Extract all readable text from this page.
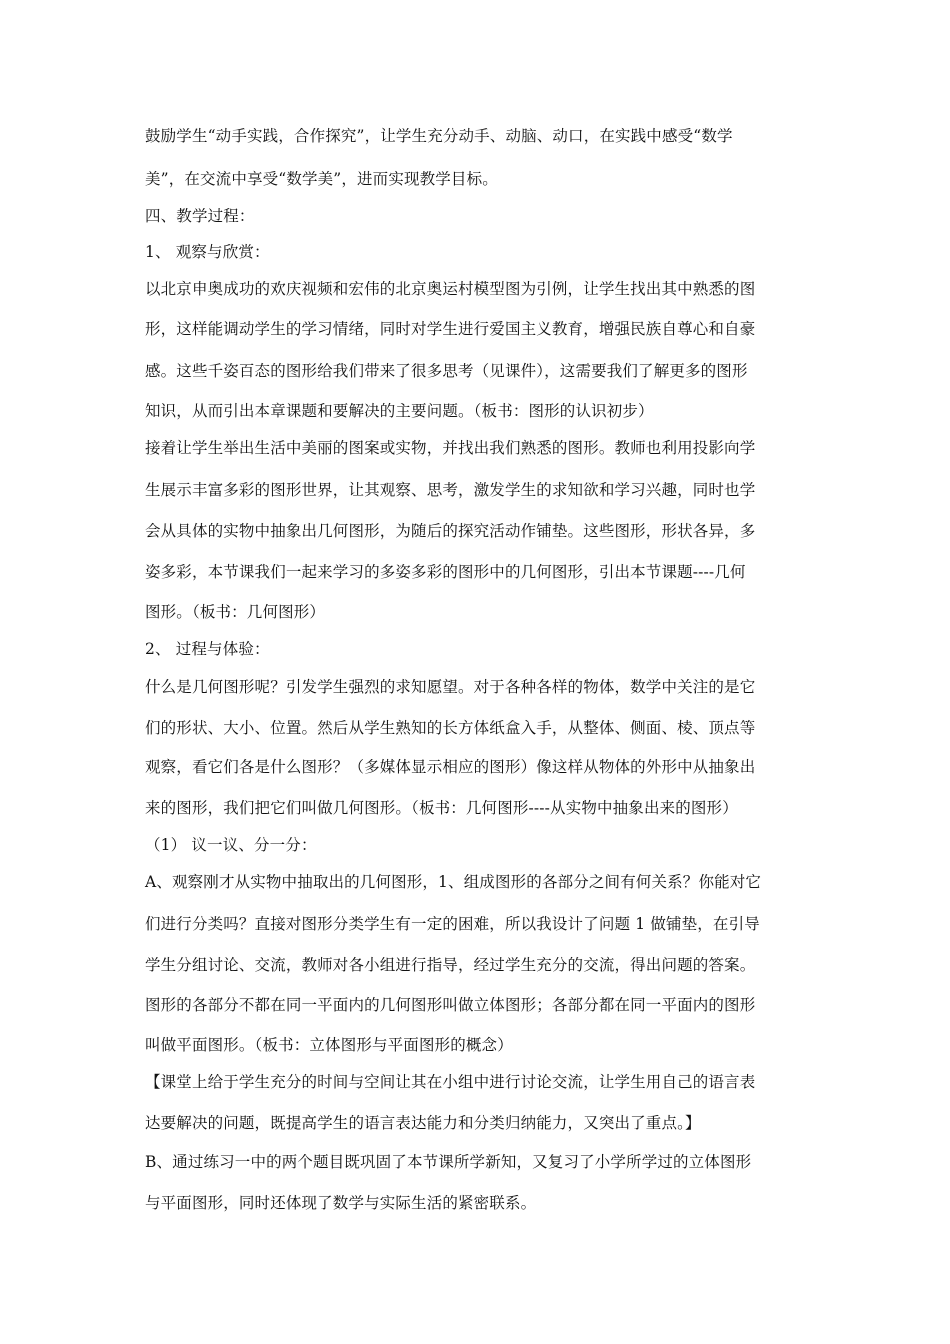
鼓励学生“动手实践，合作探究”，让学生充分动手、动脑、动口，在实践中感受“数学
美”，在交流中享受“数学美”，进而实现教学目标。
四、教学过程：
1、 观察与欣赏：
以北京申奥成功的欢庆视频和宏伟的北京奥运村模型图为引例，让学生找出其中熟悉的图
形，这样能调动学生的学习情绪，同时对学生进行爱国主义教育，增强民族自尊心和自豪
感。这些千姿百态的图形给我们带来了很多思考（见课件），这需要我们了解更多的图形
知识，从而引出本章课题和要解决的主要问题。（板书：图形的认识初步）
接着让学生举出生活中美丽的图案或实物，并找出我们熟悉的图形。教师也利用投影向学
生展示丰富多彩的图形世界，让其观察、思考，激发学生的求知欲和学习兴趣，同时也学
会从具体的实物中抽象出几何图形，为随后的探究活动作铺垫。这些图形，形状各异，多
姿多彩，本节课我们一起来学习的多姿多彩的图形中的几何图形，引出本节课题----几何
图形。（板书：几何图形）
2、 过程与体验：
什么是几何图形呢？引发学生强烈的求知愿望。对于各种各样的物体，数学中关注的是它
们的形状、大小、位置。然后从学生熟知的长方体纸盒入手，从整体、侧面、棱、顶点等
观察，看它们各是什么图形？（多媒体显示相应的图形）像这样从物体的外形中从抽象出
来的图形，我们把它们叫做几何图形。（板书：几何图形----从实物中抽象出来的图形）
（1） 议一议、分一分：
A、观察刚才从实物中抽取出的几何图形，1、组成图形的各部分之间有何关系？你能对它
们进行分类吗？直接对图形分类学生有一定的困难，所以我设计了问题 1 做铺垫，在引导
学生分组讨论、交流，教师对各小组进行指导，经过学生充分的交流，得出问题的答案。
图形的各部分不都在同一平面内的几何图形叫做立体图形；各部分都在同一平面内的图形
叫做平面图形。（板书：立体图形与平面图形的概念）
【课堂上给于学生充分的时间与空间让其在小组中进行讨论交流，让学生用自己的语言表
达要解决的问题，既提高学生的语言表达能力和分类归纳能力，又突出了重点。】
B、通过练习一中的两个题目既巩固了本节课所学新知，又复习了小学所学过的立体图形
与平面图形，同时还体现了数学与实际生活的紧密联系。
